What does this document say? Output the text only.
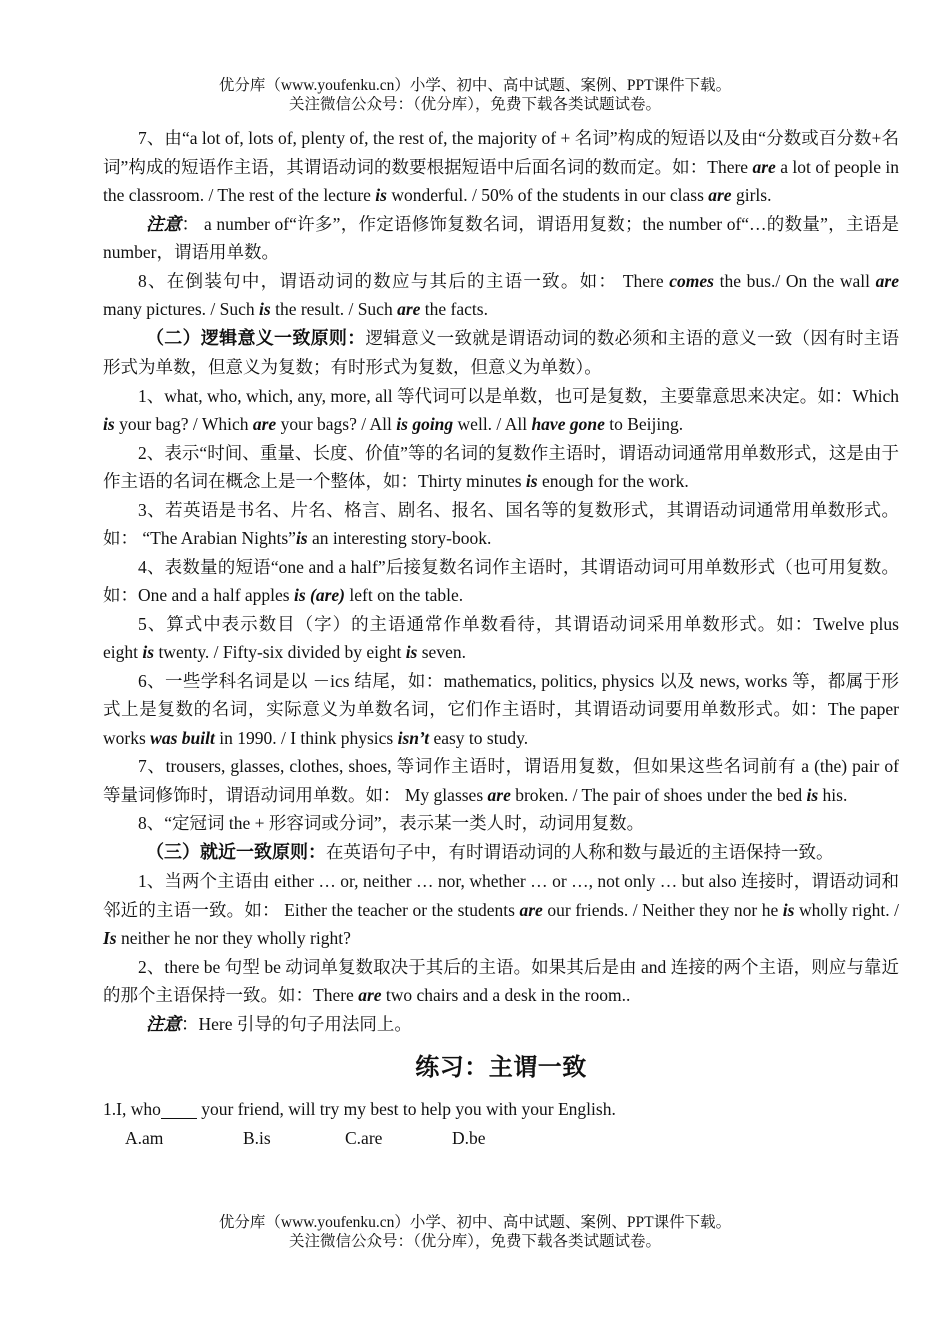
优分库（www.youfenku.cn）小学、初中、高中试题、案例、PPT课件下载。
关注微信公众号：（优分库），免费下载各类试题试卷。

7、由“a lot of, lots of, plenty of, the rest of, the majority of + 名词”构成的短语以及由“分数或百分数+名词”构成的短语作主语，其谓语动词的数要根据短语中后面名词的数而定。如：There are a lot of people in the classroom. / The rest of the lecture is wonderful. / 50% of the students in our class are girls.

注意： a number of“许多”，作定语修饰复数名词，谓语用复数；the number of“…的数量”，主语是number，谓语用单数。

8、在倒装句中，谓语动词的数应与其后的主语一致。如： There comes the bus./ On the wall are many pictures. / Such is the result. / Such are the facts.

（二）逻辑意义一致原则：逻辑意义一致就是谓语动词的数必须和主语的意义一致（因有时主语形式为单数，但意义为复数；有时形式为复数，但意义为单数）。

1、what, who, which, any, more, all 等代词可以是单数，也可是复数，主要靠意思来决定。如：Which is your bag? / Which are your bags? / All is going well. / All have gone to Beijing.

2、表示“时间、重量、长度、价值”等的名词的复数作主语时，谓语动词通常用单数形式，这是由于作主语的名词在概念上是一个整体，如：Thirty minutes is enough for the work.

3、若英语是书名、片名、格言、剧名、报名、国名等的复数形式，其谓语动词通常用单数形式。如： “The Arabian Nights”is an interesting story-book.

4、表数量的短语“one and a half”后接复数名词作主语时，其谓语动词可用单数形式（也可用复数。如：One and a half apples is (are) left on the table.

5、算式中表示数目（字）的主语通常作单数看待，其谓语动词采用单数形式。如：Twelve plus eight is twenty. / Fifty-six divided by eight is seven.

6、一些学科名词是以 －ics 结尾，如：mathematics, politics, physics 以及 news, works 等，都属于形式上是复数的名词，实际意义为单数名词，它们作主语时，其谓语动词要用单数形式。如：The paper works was built in 1990. / I think physics isn’t easy to study.

7、trousers, glasses, clothes, shoes, 等词作主语时，谓语用复数，但如果这些名词前有 a (the) pair of 等量词修饰时，谓语动词用单数。如： My glasses are broken. / The pair of shoes under the bed is his.

8、“定冠词 the + 形容词或分词”，表示某一类人时，动词用复数。

（三）就近一致原则：在英语句子中，有时谓语动词的人称和数与最近的主语保持一致。

1、当两个主语由 either … or, neither … nor, whether … or …, not only … but also 连接时，谓语动词和邻近的主语一致。如： Either the teacher or the students are our friends. / Neither they nor he is wholly right. / Is neither he nor they wholly right?

2、there be 句型 be 动词单复数取决于其后的主语。如果其后是由 and 连接的两个主语，则应与靠近的那个主语保持一致。如：There are two chairs and a desk in the room..

注意：Here 引导的句子用法同上。

练习：主谓一致

1.I, who  your friend, will try my best to help you with your English.

A.am	B.is	C.are	D.be

优分库（www.youfenku.cn）小学、初中、高中试题、案例、PPT课件下载。
关注微信公众号：（优分库），免费下载各类试题试卷。
